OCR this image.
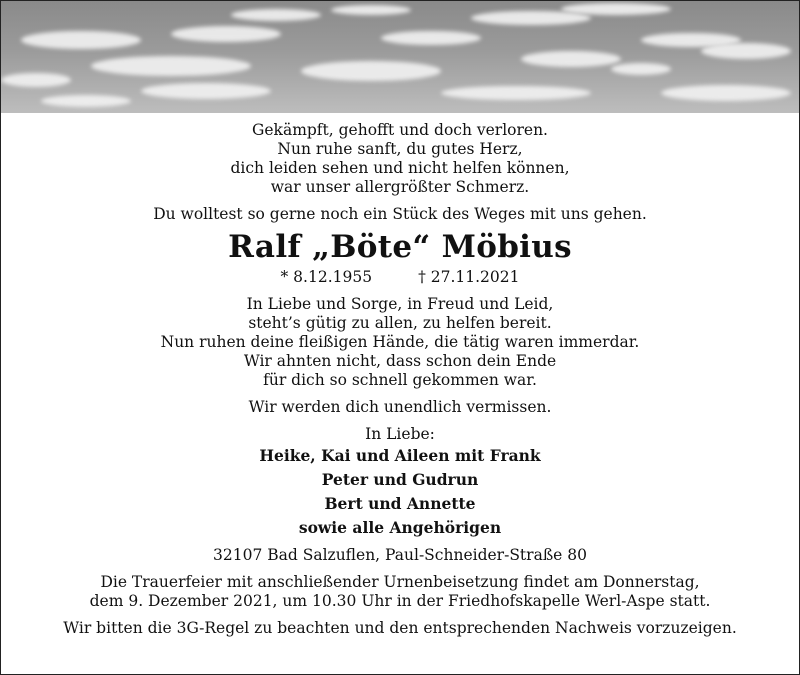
Gekämpft, gehofft und doch verloren.
Nun ruhe sanft, du gutes Herz,
dich leiden sehen und nicht helfen können,
war unser allergrößter Schmerz.
Du wolltest so gerne noch ein Stück des Weges mit uns gehen.
Ralf „Böte“ Möbius
* 8.12.1955	† 27.11.2021
In Liebe und Sorge, in Freud und Leid,
steht’s gütig zu allen, zu helfen bereit.
Nun ruhen deine fleißigen Hände, die tätig waren immerdar.
Wir ahnten nicht, dass schon dein Ende
für dich so schnell gekommen war.
Wir werden dich unendlich vermissen.
In Liebe:
Heike, Kai und Aileen mit Frank
Peter und Gudrun
Bert und Annette
sowie alle Angehörigen
32107 Bad Salzuflen, Paul-Schneider-Straße 80
Die Trauerfeier mit anschließender Urnenbeisetzung findet am Donnerstag,
dem 9. Dezember 2021, um 10.30 Uhr in der Friedhofskapelle Werl-Aspe statt.
Wir bitten die 3G-Regel zu beachten und den entsprechenden Nachweis vorzuzeigen.
